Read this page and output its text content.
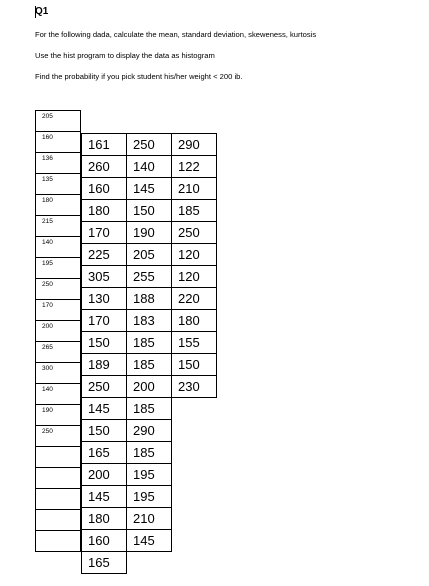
Q1
For the following dada, calculate the mean, standard deviation, skeweness, kurtosis
Use the hist program to display the data as histogram
Find the probability if you pick student his/her weight < 200 ib.
205

160

136

135

180

215

140

195

250

170

200

265

300

140

190

250

161	250	290
260	140	122
160	145	210
180	150	185
170	190	250
225	205	120
305	255	120
130	188	220
170	183	180
150	185	155
189	185	150
250	200	230
145	185	
150	290	
165	185	
200	195	
145	195	
180	210	
160	145	
165		
